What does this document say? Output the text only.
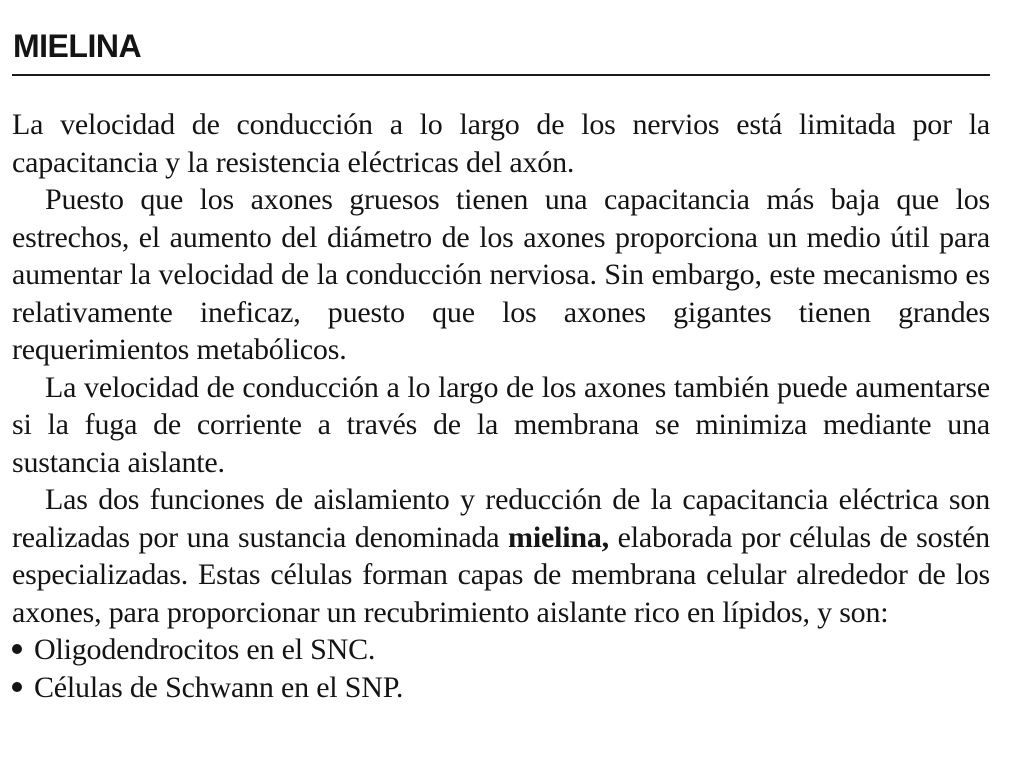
MIELINA

La velocidad de conducción a lo largo de los nervios está limitada por la capacitancia y la resistencia eléctricas del axón.

Puesto que los axones gruesos tienen una capacitancia más baja que los estrechos, el aumento del diámetro de los axones proporciona un medio útil para aumentar la velocidad de la conducción nerviosa. Sin embargo, este mecanismo es relativamente ineficaz, puesto que los axones gigantes tienen grandes requerimientos metabólicos.

La velocidad de conducción a lo largo de los axones también puede aumentarse si la fuga de corriente a través de la membrana se minimiza mediante una sustancia aislante.

Las dos funciones de aislamiento y reducción de la capacitancia eléctrica son realizadas por una sustancia denominada mielina, elaborada por células de sostén especializadas. Estas células forman capas de membrana celular alrededor de los axones, para proporcionar un recubrimiento aislante rico en lípidos, y son:

Oligodendrocitos en el SNC.
Células de Schwann en el SNP.
